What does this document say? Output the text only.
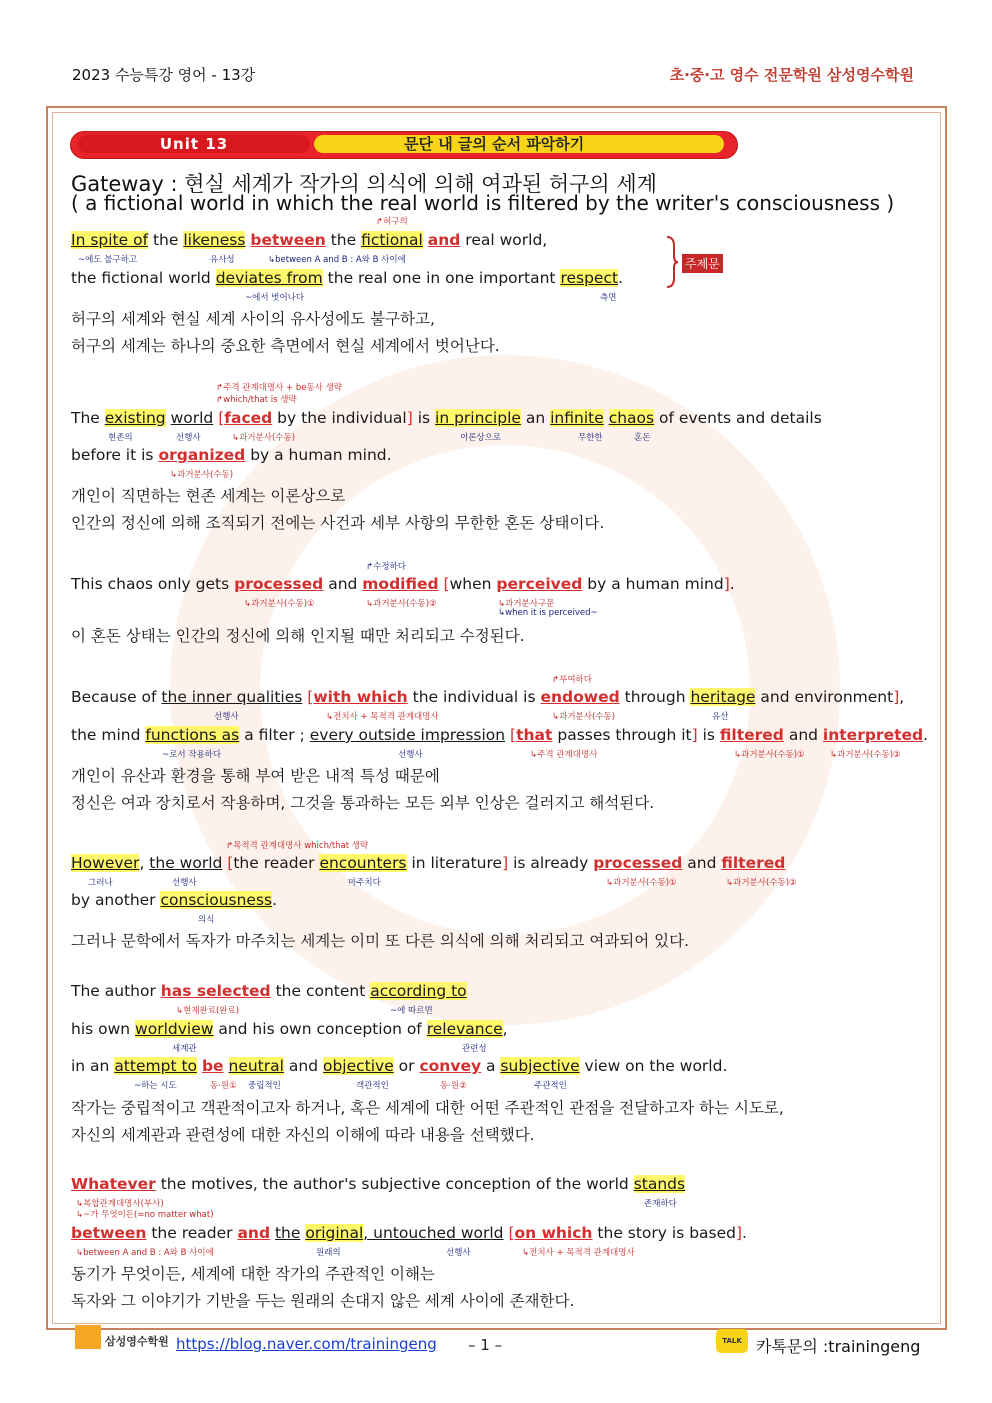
2023 수능특강 영어 - 13강	초·중·고 영수 전문학원 삼성영수학원
Unit 13	문단 내 글의 순서 파악하기
Gateway : 현실 세계가 작가의 의식에 의해 여과된 허구의 세계
( a fictional world in which the real world is filtered by the writer's consciousness )
↱허구의
In spite of the likeness between the fictional and real world,
~에도 불구하고	유사성	↳between A and B : A와 B 사이에
the fictional world deviates from the real one in one important respect.
~에서 벗어나다	측면
주제문
허구의 세계와 현실 세계 사이의 유사성에도 불구하고,
허구의 세계는 하나의 중요한 측면에서 현실 세계에서 벗어난다.
↱주격 관계대명사 + be동사 생략
↱which/that is 생략
The existing world [faced by the individual] is in principle an infinite chaos of events and details
현존의	선행사	↳과거분사(수동)	이론상으로	무한한	혼돈
before it is organized by a human mind.
↳과거분사(수동)
개인이 직면하는 현존 세계는 이론상으로
인간의 정신에 의해 조직되기 전에는 사건과 세부 사항의 무한한 혼돈 상태이다.
↱수정하다
This chaos only gets processed and modified [when perceived by a human mind].
↳과거분사(수동)①	↳과거분사(수동)②	↳과거분사구문
↳when it is perceived~
이 혼돈 상태는 인간의 정신에 의해 인지될 때만 처리되고 수정된다.
↱부여하다
Because of the inner qualities [with which the individual is endowed through heritage and environment],
선행사	↳전치사 + 목적격 관계대명사	↳과거분사(수동)	유산
the mind functions as a filter ; every outside impression [that passes through it] is filtered and interpreted.
~로서 작용하다	선행사	↳주격 관계대명사	↳과거분사(수동)①	↳과거분사(수동)②
개인이 유산과 환경을 통해 부여 받은 내적 특성 때문에
정신은 여과 장치로서 작용하며, 그것을 통과하는 모든 외부 인상은 걸러지고 해석된다.
↱목적격 관계대명사 which/that 생략
However, the world [the reader encounters in literature] is already processed and filtered
그러나	선행사	마주치다	↳과거분사(수동)①	↳과거분사(수동)②
by another consciousness.
의식
그러나 문학에서 독자가 마주치는 세계는 이미 또 다른 의식에 의해 처리되고 여과되어 있다.
The author has selected the content according to
↳현재완료(완료)	~에 따르면
his own worldview and his own conception of relevance,
세계관	관련성
in an attempt to be neutral and objective or convey a subjective view on the world.
~하는 시도	동·원① 중립적인	객관적인	동·원②	주관적인
작가는 중립적이고 객관적이고자 하거나, 혹은 세계에 대한 어떤 주관적인 관점을 전달하고자 하는 시도로,
자신의 세계관과 관련성에 대한 자신의 이해에 따라 내용을 선택했다.
Whatever the motives, the author's subjective conception of the world stands
↳복합관계대명사(부사)
↳~가 무엇이든(=no matter what)
존재하다
between the reader and the original, untouched world [on which the story is based].
↳between A and B : A와 B 사이에	원래의	선행사	↳전치사 + 목적격 관계대명사
동기가 무엇이든, 세계에 대한 작가의 주관적인 이해는
독자와 그 이야기가 기반을 두는 원래의 손대지 않은 세계 사이에 존재한다.
삼성영수학원 https://blog.naver.com/trainingeng – 1 –	TALK 카톡문의 :trainingeng
